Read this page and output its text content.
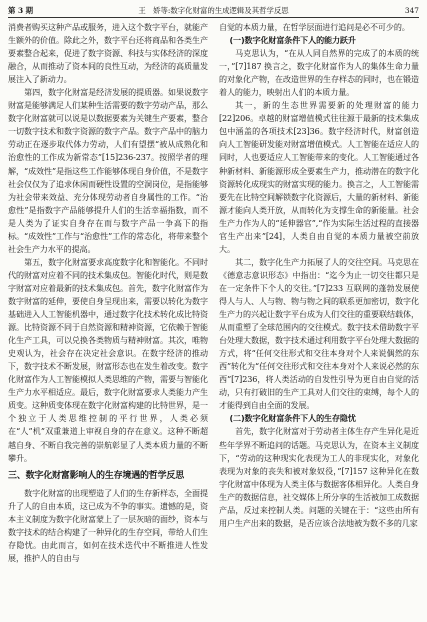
第 3 期	王　娇等:数字化财富的生成逻辑及其哲学反思	347

消费者购买这种产品或服务，进入这个数字平台，就能产生额外的价值。除此之外，数字平台还将商品和各类生产要素整合起来，促进了数字资源、科技与实体经济的深度融合，从而推动了资本间的良性互动，为经济的高质量发展注入了新动力。

第四，数字化财富是经济发展的提质器。如果说数字财富是能够满足人们某种生活需要的数字劳动产品，那么数字化财富就可以说是以数据要素为关键生产要素，整合一切数字技术和数字资源的数字产品。数字产品中的脑力劳动正在逐步取代体力劳动，人们有望摆“被从成熟化和治愈性的工作成为新常态”[15]236-237。按照学者的理解，“成效性”是指这些工作能够体现自身价值，不是数字社会仅仅为了追求休闲而硬性设置的空洞岗位，是指能够为社会带来效益、充分体现劳动者自身属性的工作。“治愈性”是指数字产品能够提升人们的生活幸福指数，而不是人类为了证实自身存在而与数字产品一争高下的指标。“成效性”工作与“治愈性”工作的常态化，将带来整个社会生产力水平的提高。

第五，数字化财富要求高度数字化和智能化。不同时代的财富对应着不同的技术集成包。智能化时代，则是数字财富对应着最新的技术集成包。首先，数字化财富作为数字财富的延伸，要使自身呈现出来，需要以转化为数字基础进入人工智能机器中，通过数字化技术转化成比特资源。比特资源不同于自然资源和精神资源，它依赖于智能化生产工具，可以兑换各类物质与精神财富。其次，唯物史观认为，社会存在决定社会意识。在数字经济的推动下，数字技术不断发展，财富形态也在发生着改变。数字化财富作为人工智能模拟人类思维的产物，需要与智能化生产力水平相适应。最后，数字化财富要求人类能力产生质变。这种质变体现在数字化财富构建的比特世界，是一个独立于人类思维控制的平行世界，人类必须在“人”机”双重兼道上审视自身的存在意义。这种不断超越自身、不断自我完善的崇航彰显了人类本质力量的不断攀升。

三、数字化财富影响人的生存境遇的哲学反思

数字化财富的出现塑造了人们的生存新样态，全面提升了人的自由本质，这已成为不争的事实。遗憾的是，资本主义制度为数字化财富蒙上了一层灰暗的面纱，资本与数字技术的结合构建了一种异化的生存空间，带给人们生存隐忧。由此而言，如何在技术迭代中不断推进人性发展，推护人的自由与

自觉的本质力量，在哲学层面进行追问是必不可少的。

(一)数字化财富条件下人的能力跃升

马克思认为，“在从人同自然界的完成了的本质的统一，”[7]187 换言之，数字化财富作为人的集体生命力量的对象化产物，在改造世界的生存样态的同时，也在锻造着人的能力，映射出人们的本质力量。

其一，新的生态世界需要新的处理财富的能力[22]206。卓越的财富增值模式往往源于最新的技术集成包中涵盖的各项技术[23]36。数字经济时代，财富创造向人工智能研发能对财富增值模式。人工智能在适应人的同时，人也要适应人工智能带来的变化。人工智能通过各种新材料、新能源形成全要素生产力，推动潜在的数字化资源转化成现实的财富实现的能力。换言之，人工智能需要先在比特空间解锁数字化资源后，大量的新材料、新能源才能向人类开放，从而转化为支撑生命的新能量。社会生产力作为人的“延伸器官”,“作为实际生活过程的直接器官生产出来”[24]，人类自由自觉的本质力量被空前放大。

其二，数字化生产力拓展了人的交往空间。马克思在《德意志意识形态》中指出：“迄今为止一切交往都只是在一定条件下个人的交往。”[7]233 互联网的蓬勃发展使得人与人、人与物、物与物之间的联系更加密切，数字化生产力的兴起让数字平台成为人们交往的重要联结载体，从而重塑了全球范围内的交往模式。数字技术借助数字平台处理大数据，数字技术通过利用数字平台处理大数据的方式，将“任何交往形式和交往本身对个人来说偶然的东西”转化为“任何交往形式和交往本身对个人来说必然的东西”[7]236，将人类活动的自发性引导为更自由自觉的活动，只有打破旧的生产工具对人们交往的束缚，每个人的才能得到自由全面的发展。

(二)数字化财富条件下人的生存隐忧

首先，数字化财富对于劳动者主体生存产生异化是近些年学界不断追问的话题。马克思认为，在资本主义制度下，“劳动的这种现实化表现为工人的非现实化，对象化表现为对象的丧失和被对象奴役，”[7]157 这种异化在数字化财富中体现为人类主体与数据客体相异化。人类自身生产的数据信息，社交媒体上所分享的生活被加工成数据产品，反过来控制人类。问题的关键在于：“这些由所有用户生产出来的数据，是否应该合法地被为数不多的几家
